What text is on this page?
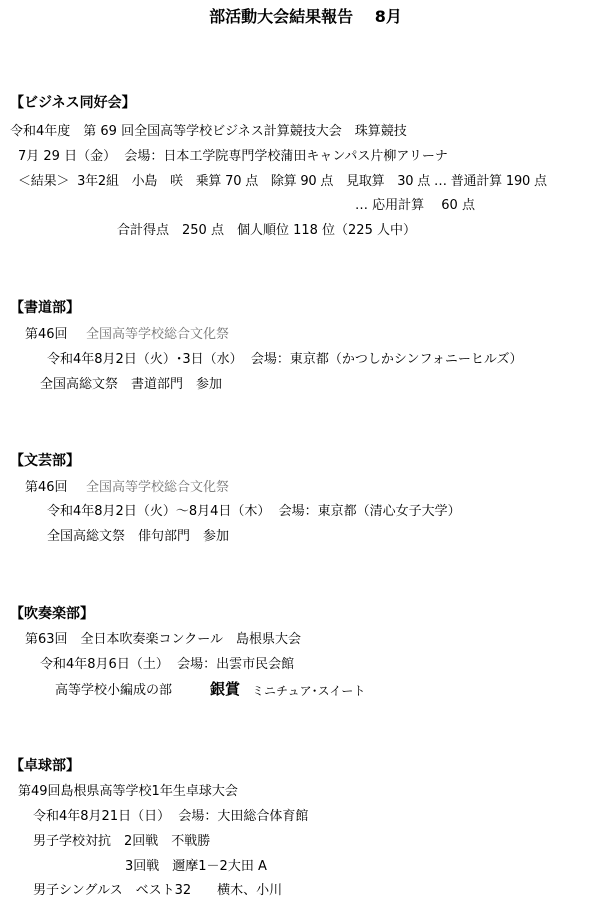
部活動大会結果報告　 8月
【ビジネス同好会】
令和4年度　第 69 回全国高等学校ビジネス計算競技大会　珠算競技
7月 29 日（金）  会場：日本工学院専門学校蒲田キャンパス片柳アリーナ
＜結果＞  3年2組　小島　咲　乗算 70 点　除算 90 点　見取算　30 点 … 普通計算 190 点
… 応用計算　 60 点
合計得点　250 点　個人順位 118 位（225 人中）
【書道部】
第46回 全国高等学校総合文化祭
令和4年8月2日（火）･3日（水）  会場：東京都（かつしかシンフォニーヒルズ）
全国高総文祭　書道部門　参加
【文芸部】
第46回 全国高等学校総合文化祭
令和4年8月2日（火）～8月4日（木）  会場：東京都（清心女子大学）
全国高総文祭　俳句部門　参加
【吹奏楽部】
第63回　全日本吹奏楽コンクール　島根県大会
令和4年8月6日（土）  会場：出雲市民会館
高等学校小編成の部	銀賞 ミニチュア･スイート
【卓球部】
第49回島根県高等学校1年生卓球大会
令和4年8月21日（日）  会場：大田総合体育館
男子学校対抗　2回戦　不戦勝
3回戦　邇摩1－2大田 A
男子シングルス　ベスト32　　横木、小川
